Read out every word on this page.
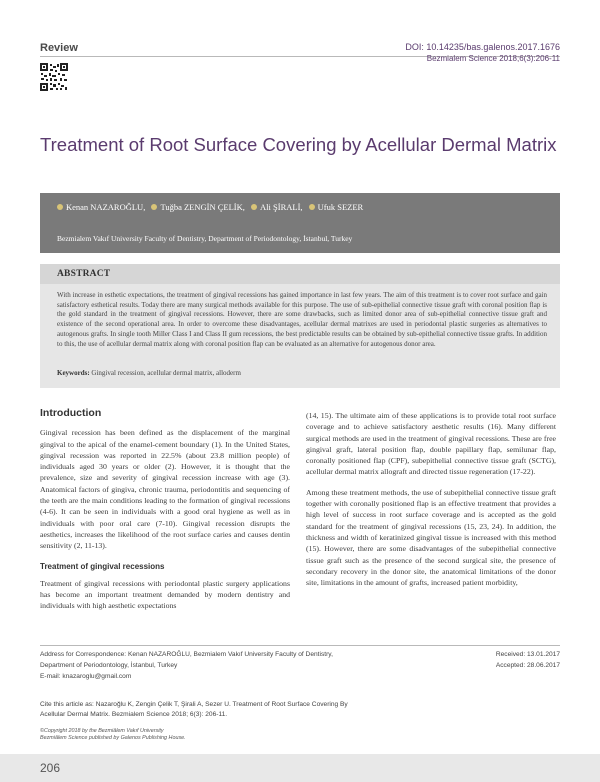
Review	DOI: 10.14235/bas.galenos.2017.1676
Bezmialem Science 2018;6(3):206-11
Treatment of Root Surface Covering by Acellular Dermal Matrix
Kenan NAZAROĞLU, Tuğba ZENGİN ÇELİK, Ali ŞİRALİ, Ufuk SEZER
Bezmialem Vakıf University Faculty of Dentistry, Department of Periodontology, İstanbul, Turkey
ABSTRACT
With increase in esthetic expectations, the treatment of gingival recessions has gained importance in last few years. The aim of this treatment is to cover root surface and gain satisfactory esthetical results. Today there are many surgical methods available for this purpose. The use of sub-epithelial connective tissue graft with coronal position flap is the gold standard in the treatment of gingival recessions. However, there are some drawbacks, such as limited donor area of sub-epithelial connective tissue graft and existence of the second operational area. In order to overcome these disadvantages, acellular dermal matrixes are used in periodontal plastic surgeries as alternatives to autogenous grafts. In single tooth Miller Class I and Class II gum recessions, the best predictable results can be obtained by sub-epithelial connective tissue grafts. In addition to this, the use of acellular dermal matrix along with coronal position flap can be evaluated as an alternative for autogenous donor area.
Keywords: Gingival recession, acellular dermal matrix, alloderm
Introduction

Gingival recession has been defined as the displacement of the marginal gingival to the apical of the enamel-cement boundary (1). In the United States, gingival recession was reported in 22.5% (about 23.8 million people) of individuals aged 30 years or older (2). However, it is thought that the prevalence, size and severity of gingival recession increase with age (3). Anatomical factors of gingiva, chronic trauma, periodontitis and sequencing of the teeth are the main conditions leading to the formation of gingival recessions (4-6). It can be seen in individuals with a good oral hygiene as well as in individuals with poor oral care (7-10). Gingival recession disrupts the aesthetics, increases the likelihood of the root surface caries and causes dentin sensitivity (2, 11-13).

Treatment of gingival recessions

Treatment of gingival recessions with periodontal plastic surgery applications has become an important treatment demanded by modern dentistry and individuals with high aesthetic expectations

(14, 15). The ultimate aim of these applications is to provide total root surface coverage and to achieve satisfactory aesthetic results (16). Many different surgical methods are used in the treatment of gingival recessions. These are free gingival graft, lateral position flap, double papillary flap, semilunar flap, coronally positioned flap (CPF), subepithelial connective tissue graft (SCTG), acellular dermal matrix allograft and directed tissue regeneration (17-22).

Among these treatment methods, the use of subepithelial connective tissue graft together with coronally positioned flap is an effective treatment that provides a high level of success in root surface coverage and is accepted as the gold standard for the treatment of gingival recessions (15, 23, 24). In addition, the thickness and width of keratinized gingival tissue is increased with this method (15). However, there are some disadvantages of the subepithelial connective tissue graft such as the presence of the second surgical site, the presence of secondary recovery in the donor site, the anatomical limitations of the donor site, limitations in the amount of grafts, increased patient morbidity,

Address for Correspondence: Kenan NAZAROĞLU, Bezmialem Vakıf University Faculty of Dentistry,
Department of Periodontology, İstanbul, Turkey
E-mail: knazaroglu@gmail.com
Received: 13.01.2017
Accepted: 28.06.2017
Cite this article as: Nazaroğlu K, Zengin Çelik T, Şirali A, Sezer U. Treatment of Root Surface Covering By
Acellular Dermal Matrix. Bezmialem Science 2018; 6(3): 206-11.
©Copyright 2018 by the Bezmiâlem Vakıf University
Bezmiâlem Science published by Galenos Publishing House.
206
